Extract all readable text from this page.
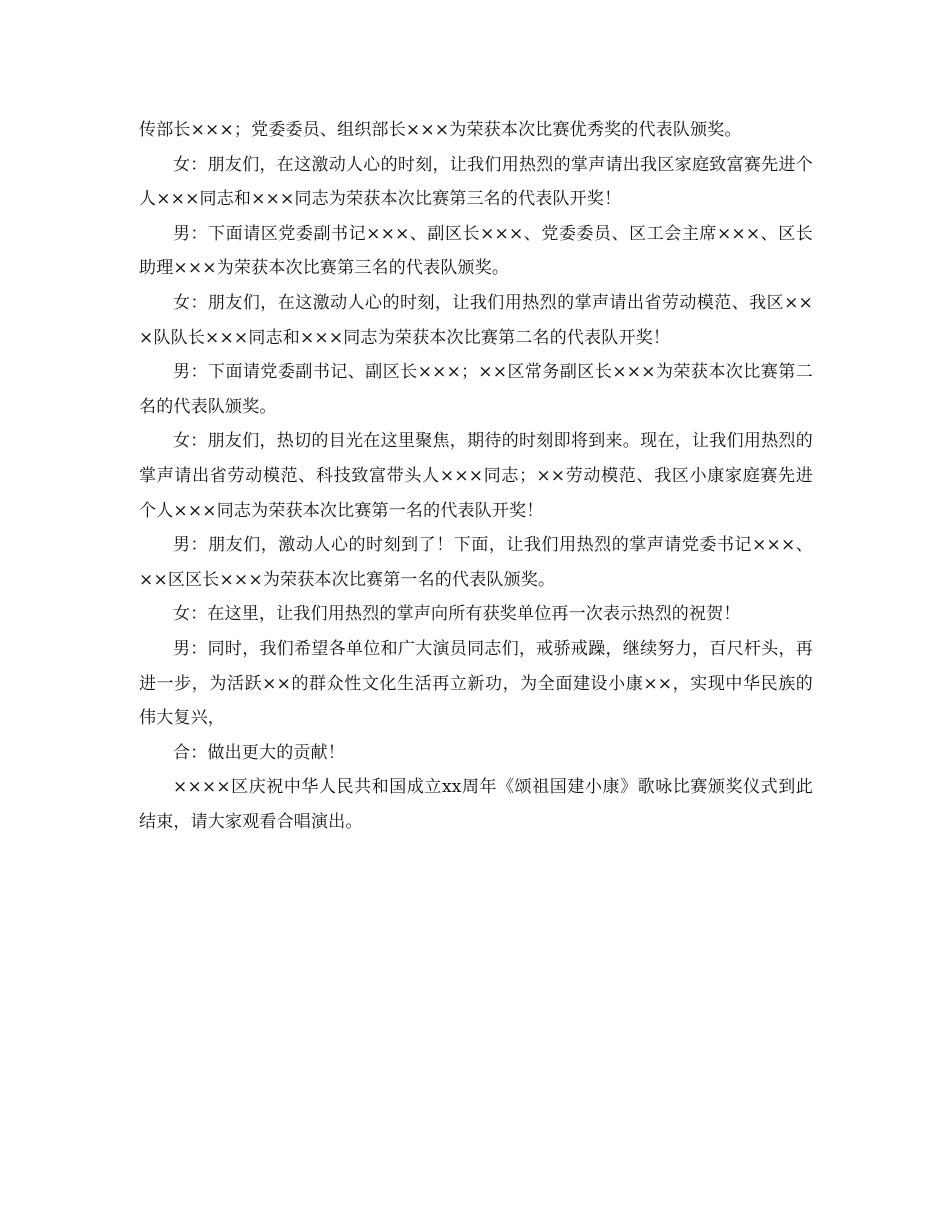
传部长×××；党委委员、组织部长×××为荣获本次比赛优秀奖的代表队颁奖。

女：朋友们，在这激动人心的时刻，让我们用热烈的掌声请出我区家庭致富赛先进个人×××同志和×××同志为荣获本次比赛第三名的代表队开奖！

男：下面请区党委副书记×××、副区长×××、党委委员、区工会主席×××、区长助理×××为荣获本次比赛第三名的代表队颁奖。

女：朋友们，在这激动人心的时刻，让我们用热烈的掌声请出省劳动模范、我区×××队队长×××同志和×××同志为荣获本次比赛第二名的代表队开奖！

男：下面请党委副书记、副区长×××；××区常务副区长×××为荣获本次比赛第二名的代表队颁奖。

女：朋友们，热切的目光在这里聚焦，期待的时刻即将到来。现在，让我们用热烈的掌声请出省劳动模范、科技致富带头人×××同志；××劳动模范、我区小康家庭赛先进个人×××同志为荣获本次比赛第一名的代表队开奖！

男：朋友们，激动人心的时刻到了！下面，让我们用热烈的掌声请党委书记×××、××区区长×××为荣获本次比赛第一名的代表队颁奖。

女：在这里，让我们用热烈的掌声向所有获奖单位再一次表示热烈的祝贺！

男：同时，我们希望各单位和广大演员同志们，戒骄戒躁，继续努力，百尺杆头，再进一步，为活跃××的群众性文化生活再立新功，为全面建设小康××，实现中华民族的伟大复兴，

合：做出更大的贡献！

××××区庆祝中华人民共和国成立xx周年《颂祖国建小康》歌咏比赛颁奖仪式到此结束，请大家观看合唱演出。
